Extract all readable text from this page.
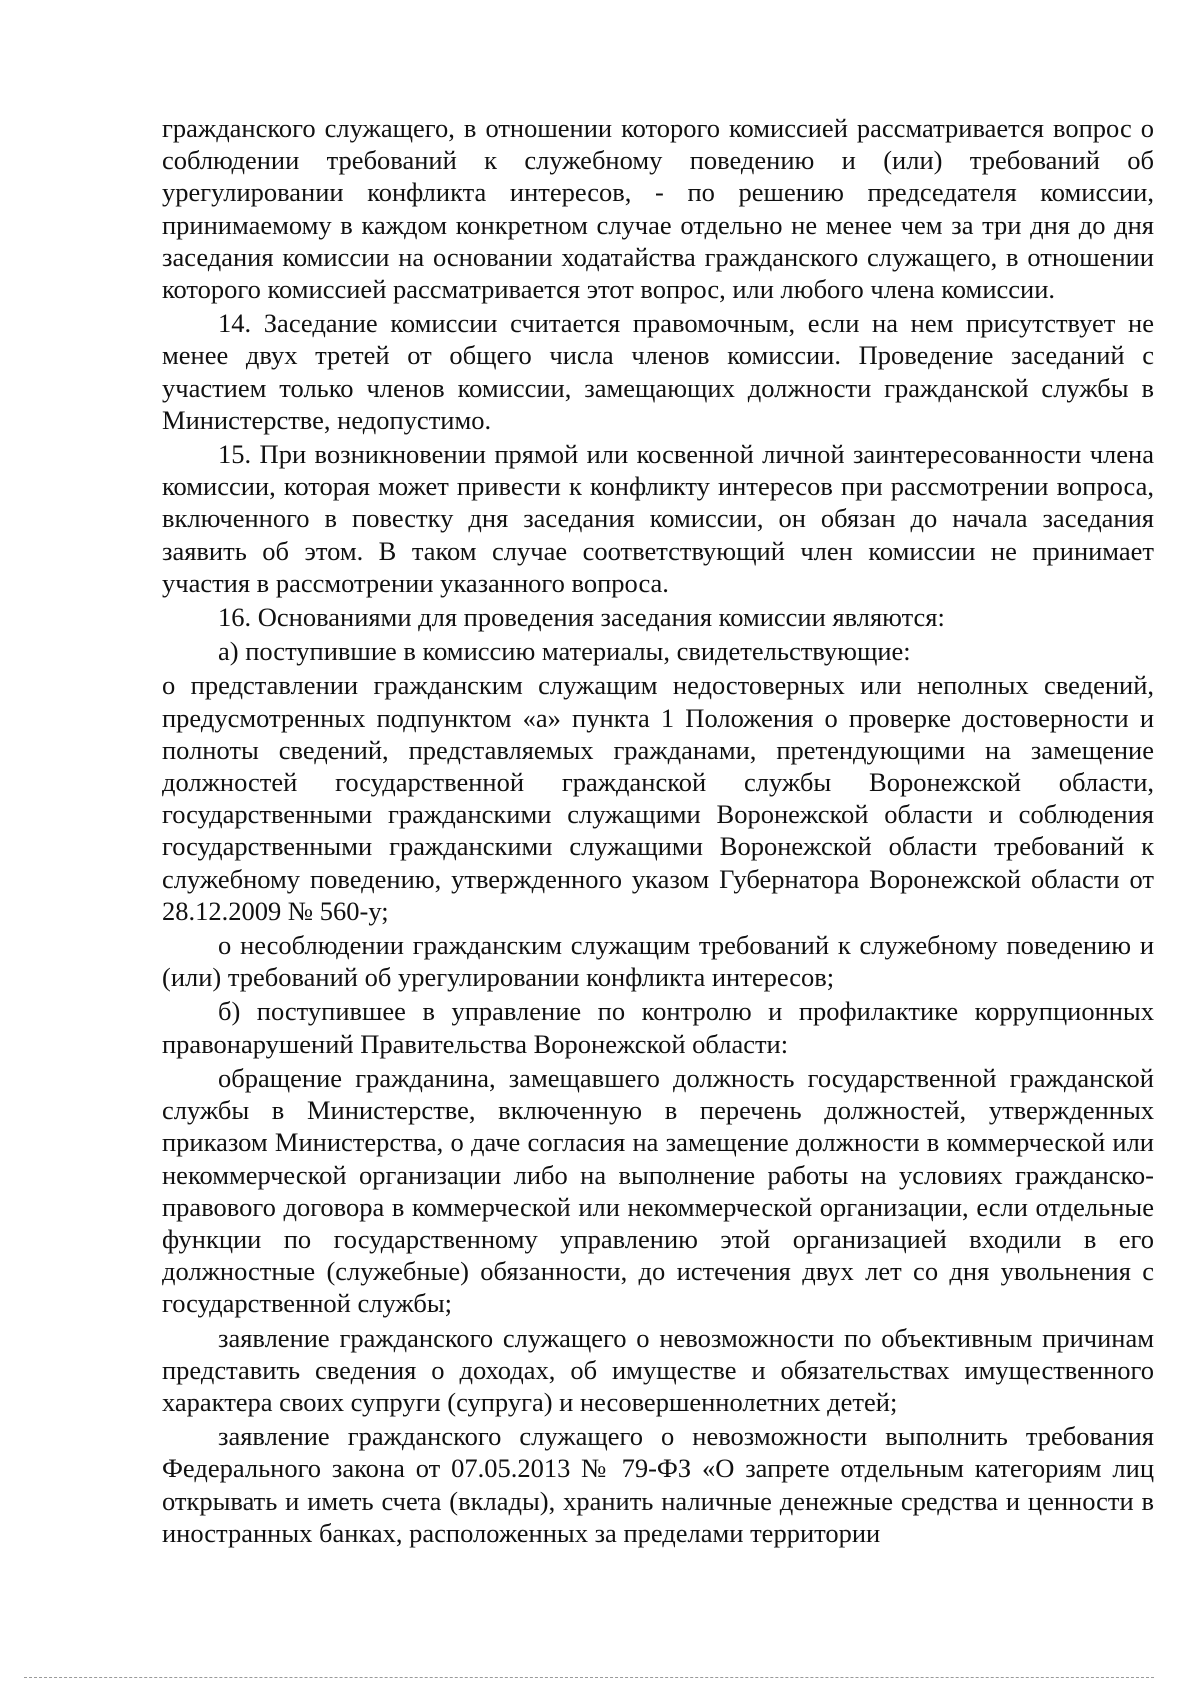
гражданского служащего, в отношении которого комиссией рассматривается вопрос о соблюдении требований к служебному поведению и (или) требований об урегулировании конфликта интересов, - по решению председателя комиссии, принимаемому в каждом конкретном случае отдельно не менее чем за три дня до дня заседания комиссии на основании ходатайства гражданского служащего, в отношении которого комиссией рассматривается этот вопрос, или любого члена комиссии.

14. Заседание комиссии считается правомочным, если на нем присутствует не менее двух третей от общего числа членов комиссии. Проведение заседаний с участием только членов комиссии, замещающих должности гражданской службы в Министерстве, недопустимо.

15. При возникновении прямой или косвенной личной заинтересованности члена комиссии, которая может привести к конфликту интересов при рассмотрении вопроса, включенного в повестку дня заседания комиссии, он обязан до начала заседания заявить об этом. В таком случае соответствующий член комиссии не принимает участия в рассмотрении указанного вопроса.

16. Основаниями для проведения заседания комиссии являются:

а) поступившие в комиссию материалы, свидетельствующие:

о представлении гражданским служащим недостоверных или неполных сведений, предусмотренных подпунктом «а» пункта 1 Положения о проверке достоверности и полноты сведений, представляемых гражданами, претендующими на замещение должностей государственной гражданской службы Воронежской области, государственными гражданскими служащими Воронежской области и соблюдения государственными гражданскими служащими Воронежской области требований к служебному поведению, утвержденного указом Губернатора Воронежской области от 28.12.2009 № 560-у;

о несоблюдении гражданским служащим требований к служебному поведению и (или) требований об урегулировании конфликта интересов;

б) поступившее в управление по контролю и профилактике коррупционных правонарушений Правительства Воронежской области:

обращение гражданина, замещавшего должность государственной гражданской службы в Министерстве, включенную в перечень должностей, утвержденных приказом Министерства, о даче согласия на замещение должности в коммерческой или некоммерческой организации либо на выполнение работы на условиях гражданско-правового договора в коммерческой или некоммерческой организации, если отдельные функции по государственному управлению этой организацией входили в его должностные (служебные) обязанности, до истечения двух лет со дня увольнения с государственной службы;

заявление гражданского служащего о невозможности по объективным причинам представить сведения о доходах, об имуществе и обязательствах имущественного характера своих супруги (супруга) и несовершеннолетних детей;

заявление гражданского служащего о невозможности выполнить требования Федерального закона от 07.05.2013 № 79-ФЗ «О запрете отдельным категориям лиц открывать и иметь счета (вклады), хранить наличные денежные средства и ценности в иностранных банках, расположенных за пределами территории
